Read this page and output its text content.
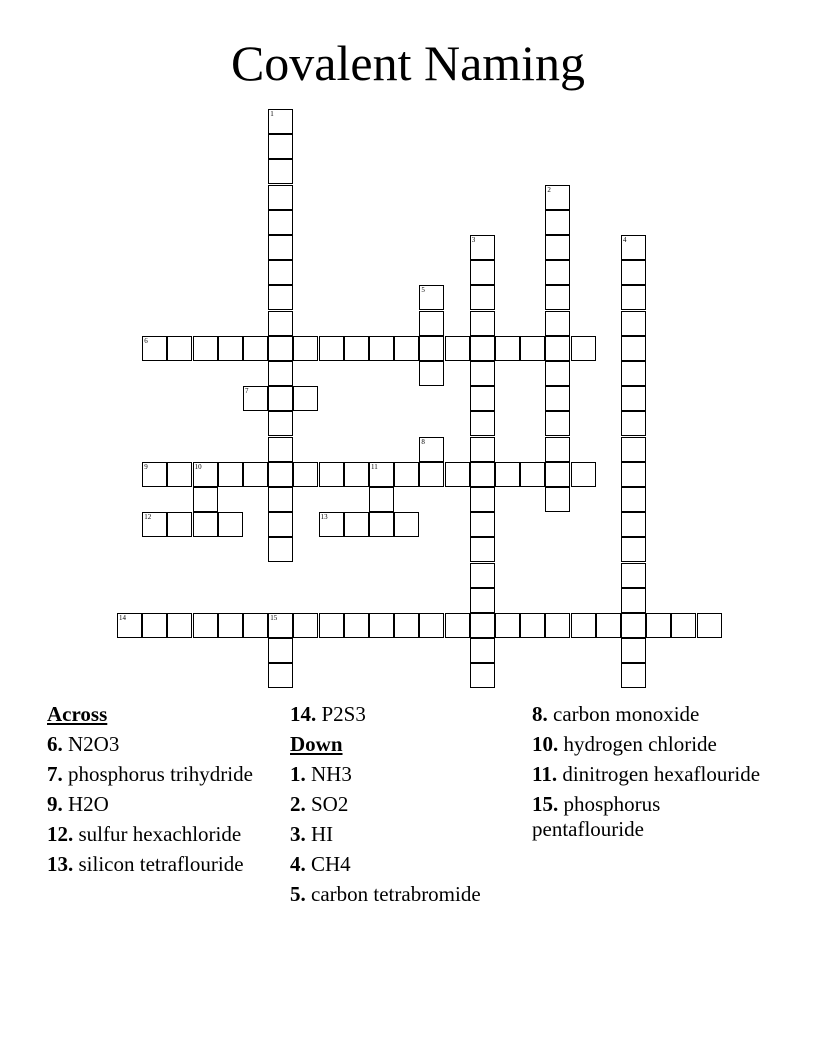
Covalent Naming
1
2
3	4
5
6
7
8
9	10	11
12	13
14	15
Across
6. N2O3
7. phosphorus trihydride
9. H2O
12. sulfur hexachloride
13. silicon tetraflouride
14. P2S3
Down
1. NH3
2. SO2
3. HI
4. CH4
5. carbon tetrabromide
8. carbon monoxide
10. hydrogen chloride
11. dinitrogen hexaflouride
15. phosphorus pentaflouride
